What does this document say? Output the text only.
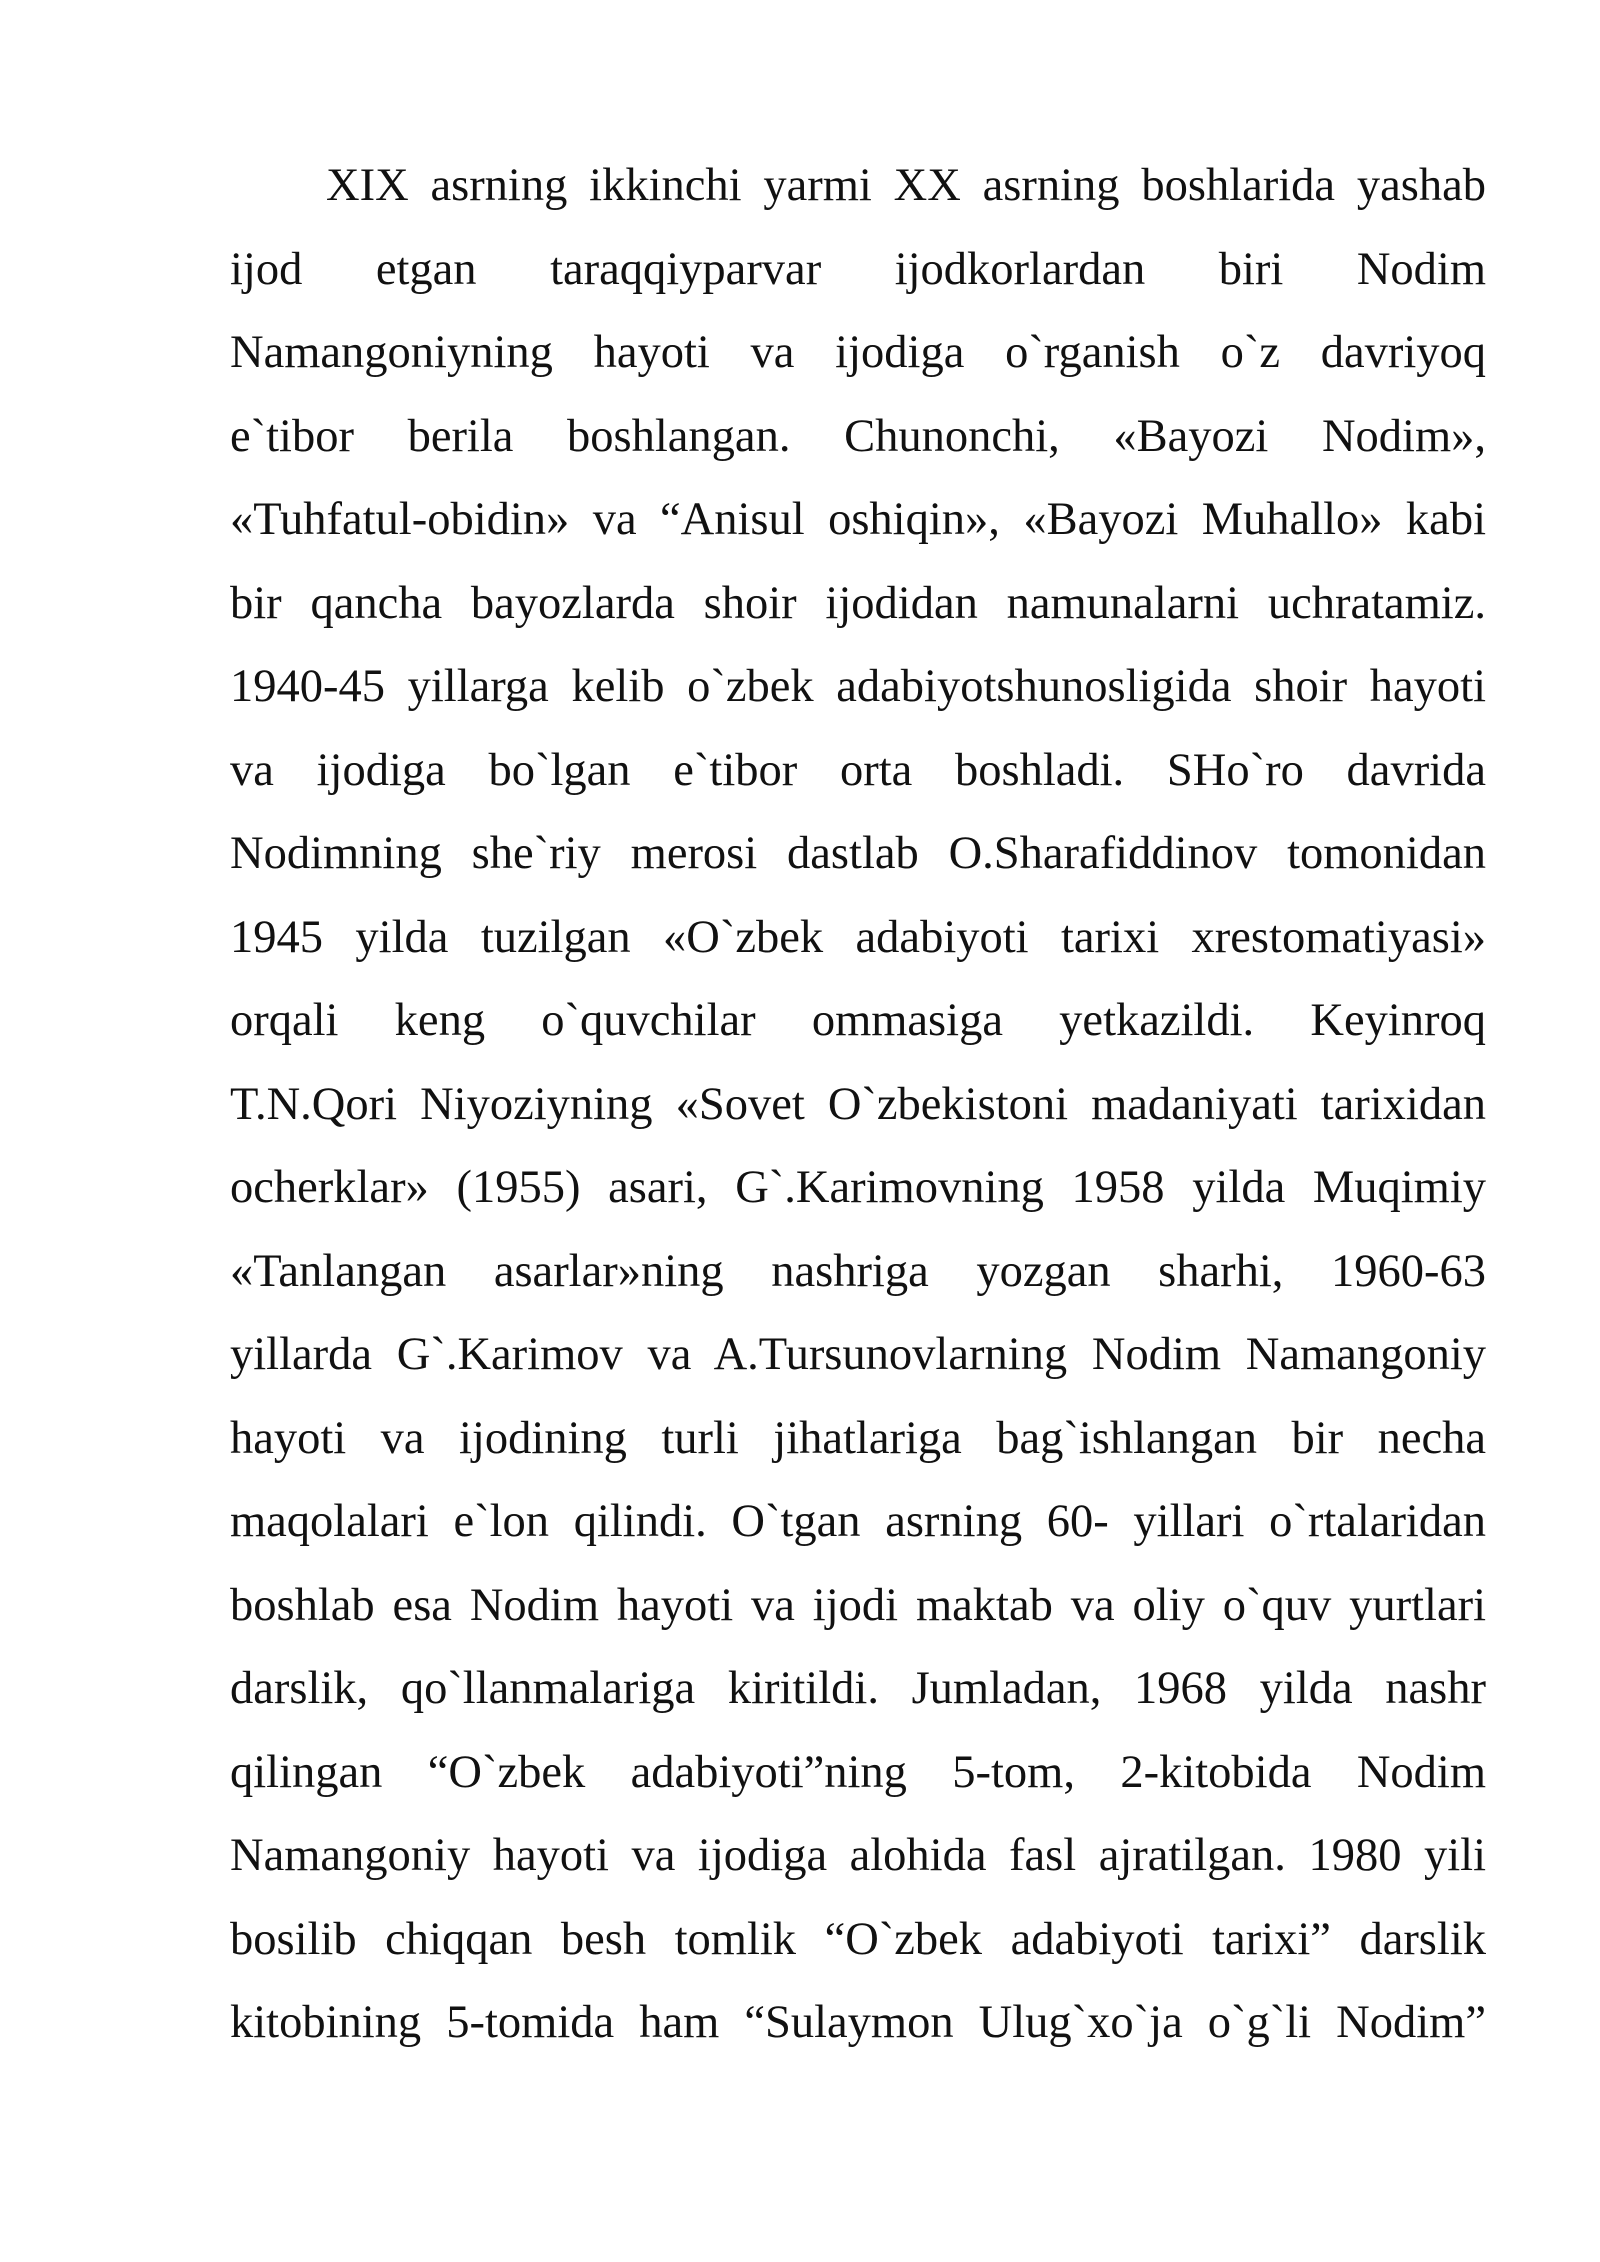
XIX asrning ikkinchi yarmi XX asrning boshlarida yashab
ijod etgan taraqqiyparvar ijodkorlardan biri Nodim
Namangoniyning hayoti va ijodiga o`rganish o`z davriyoq
e`tibor berila boshlangan. Chunonchi, «Bayozi Nodim»,
«Tuhfatul-obidin» va “Anisul oshiqin», «Bayozi Muhallo» kabi
bir qancha bayozlarda shoir ijodidan namunalarni uchratamiz.
1940-45 yillarga kelib o`zbek adabiyotshunosligida shoir hayoti
va ijodiga bo`lgan e`tibor orta boshladi. SHo`ro davrida
Nodimning she`riy merosi dastlab O.Sharafiddinov tomonidan
1945 yilda tuzilgan «O`zbek adabiyoti tarixi xrestomatiyasi»
orqali keng o`quvchilar ommasiga yetkazildi. Keyinroq
T.N.Qori Niyoziyning «Sovet O`zbekistoni madaniyati tarixidan
ocherklar» (1955) asari, G`.Karimovning 1958 yilda Muqimiy
«Tanlangan asarlar»ning nashriga yozgan sharhi, 1960-63
yillarda G`.Karimov va A.Tursunovlarning Nodim Namangoniy
hayoti va ijodining turli jihatlariga bag`ishlangan bir necha
maqolalari e`lon qilindi. O`tgan asrning 60- yillari o`rtalaridan
boshlab esa Nodim hayoti va ijodi maktab va oliy o`quv yurtlari
darslik, qo`llanmalariga kiritildi. Jumladan, 1968 yilda nashr
qilingan “O`zbek adabiyoti”ning 5-tom, 2-kitobida Nodim
Namangoniy hayoti va ijodiga alohida fasl ajratilgan. 1980 yili
bosilib chiqqan besh tomlik “O`zbek adabiyoti tarixi” darslik
kitobining 5-tomida ham “Sulaymon Ulug`xo`ja o`g`li Nodim”
